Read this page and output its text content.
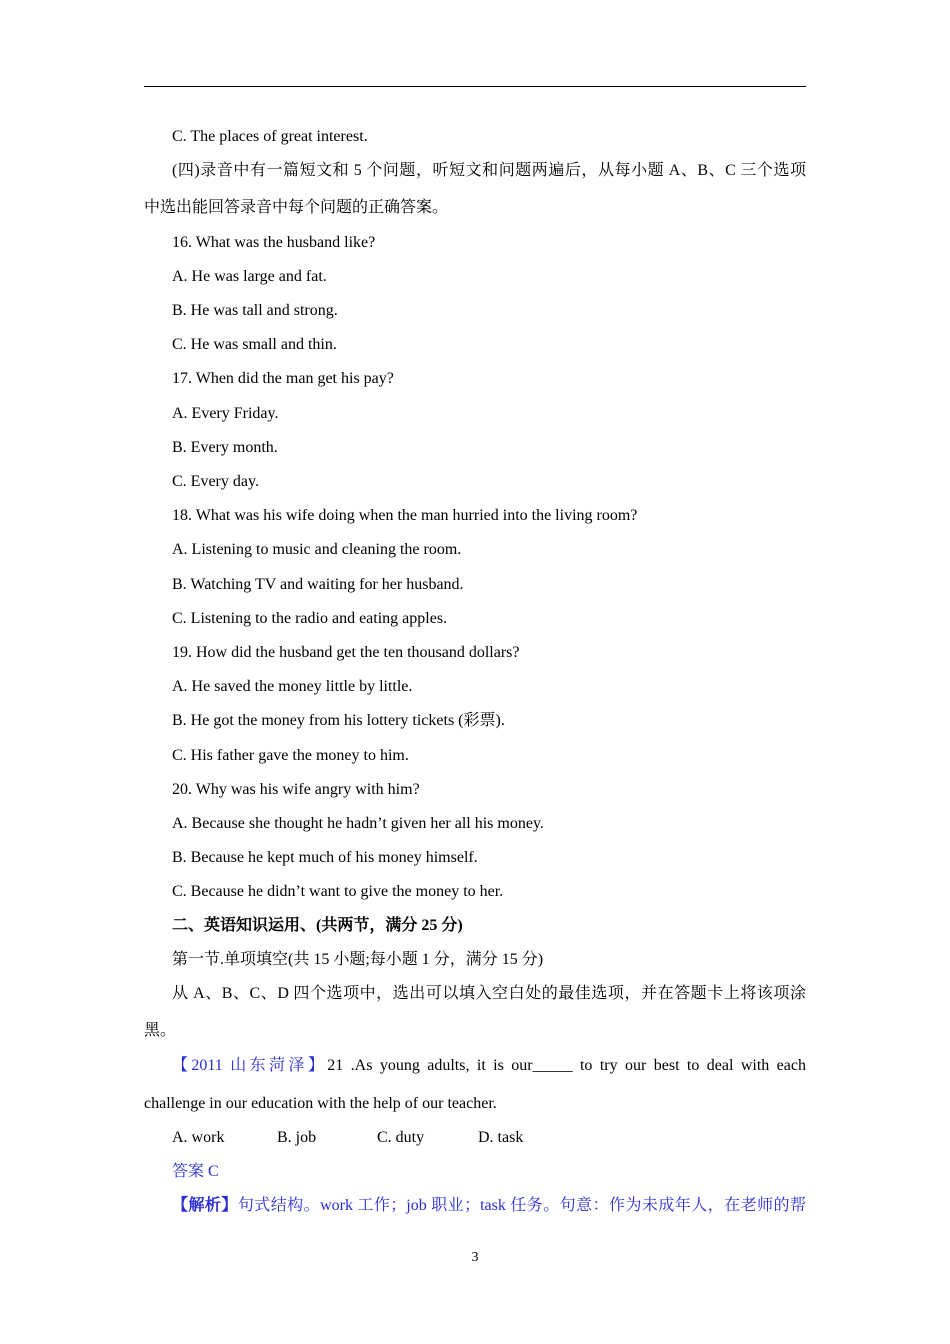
C. The places of great interest.
(四)录音中有一篇短文和 5 个问题，听短文和问题两遍后，从每小题 A、B、C 三个选项
中选出能回答录音中每个问题的正确答案。
16. What was the husband like?
A. He was large and fat.
B. He was tall and strong.
C. He was small and thin.
17. When did the man get his pay?
A. Every Friday.
B. Every month.
C. Every day.
18. What was his wife doing when the man hurried into the living room?
A. Listening to music and cleaning the room.
B. Watching TV and waiting for her husband.
C. Listening to the radio and eating apples.
19. How did the husband get the ten thousand dollars?
A. He saved the money little by little.
B. He got the money from his lottery tickets (彩票).
C. His father gave the money to him.
20. Why was his wife angry with him?
A. Because she thought he hadn’t given her all his money.
B. Because he kept much of his money himself.
C. Because he didn’t want to give the money to her.
二、英语知识运用、(共两节，满分 25 分)
第一节.单项填空(共 15 小题;每小题 1 分，满分 15 分)
从 A、B、C、D 四个选项中，选出可以填入空白处的最佳选项，并在答题卡上将该项涂
黑。
【2011 山东菏泽】21 .As young adults, it is our_____ to try our best to deal with each
challenge in our education with the help of our teacher.
A. work	B. job	C. duty	D. task
答案 C
【解析】句式结构。work 工作；job 职业；task 任务。句意：作为未成年人，在老师的帮
3
